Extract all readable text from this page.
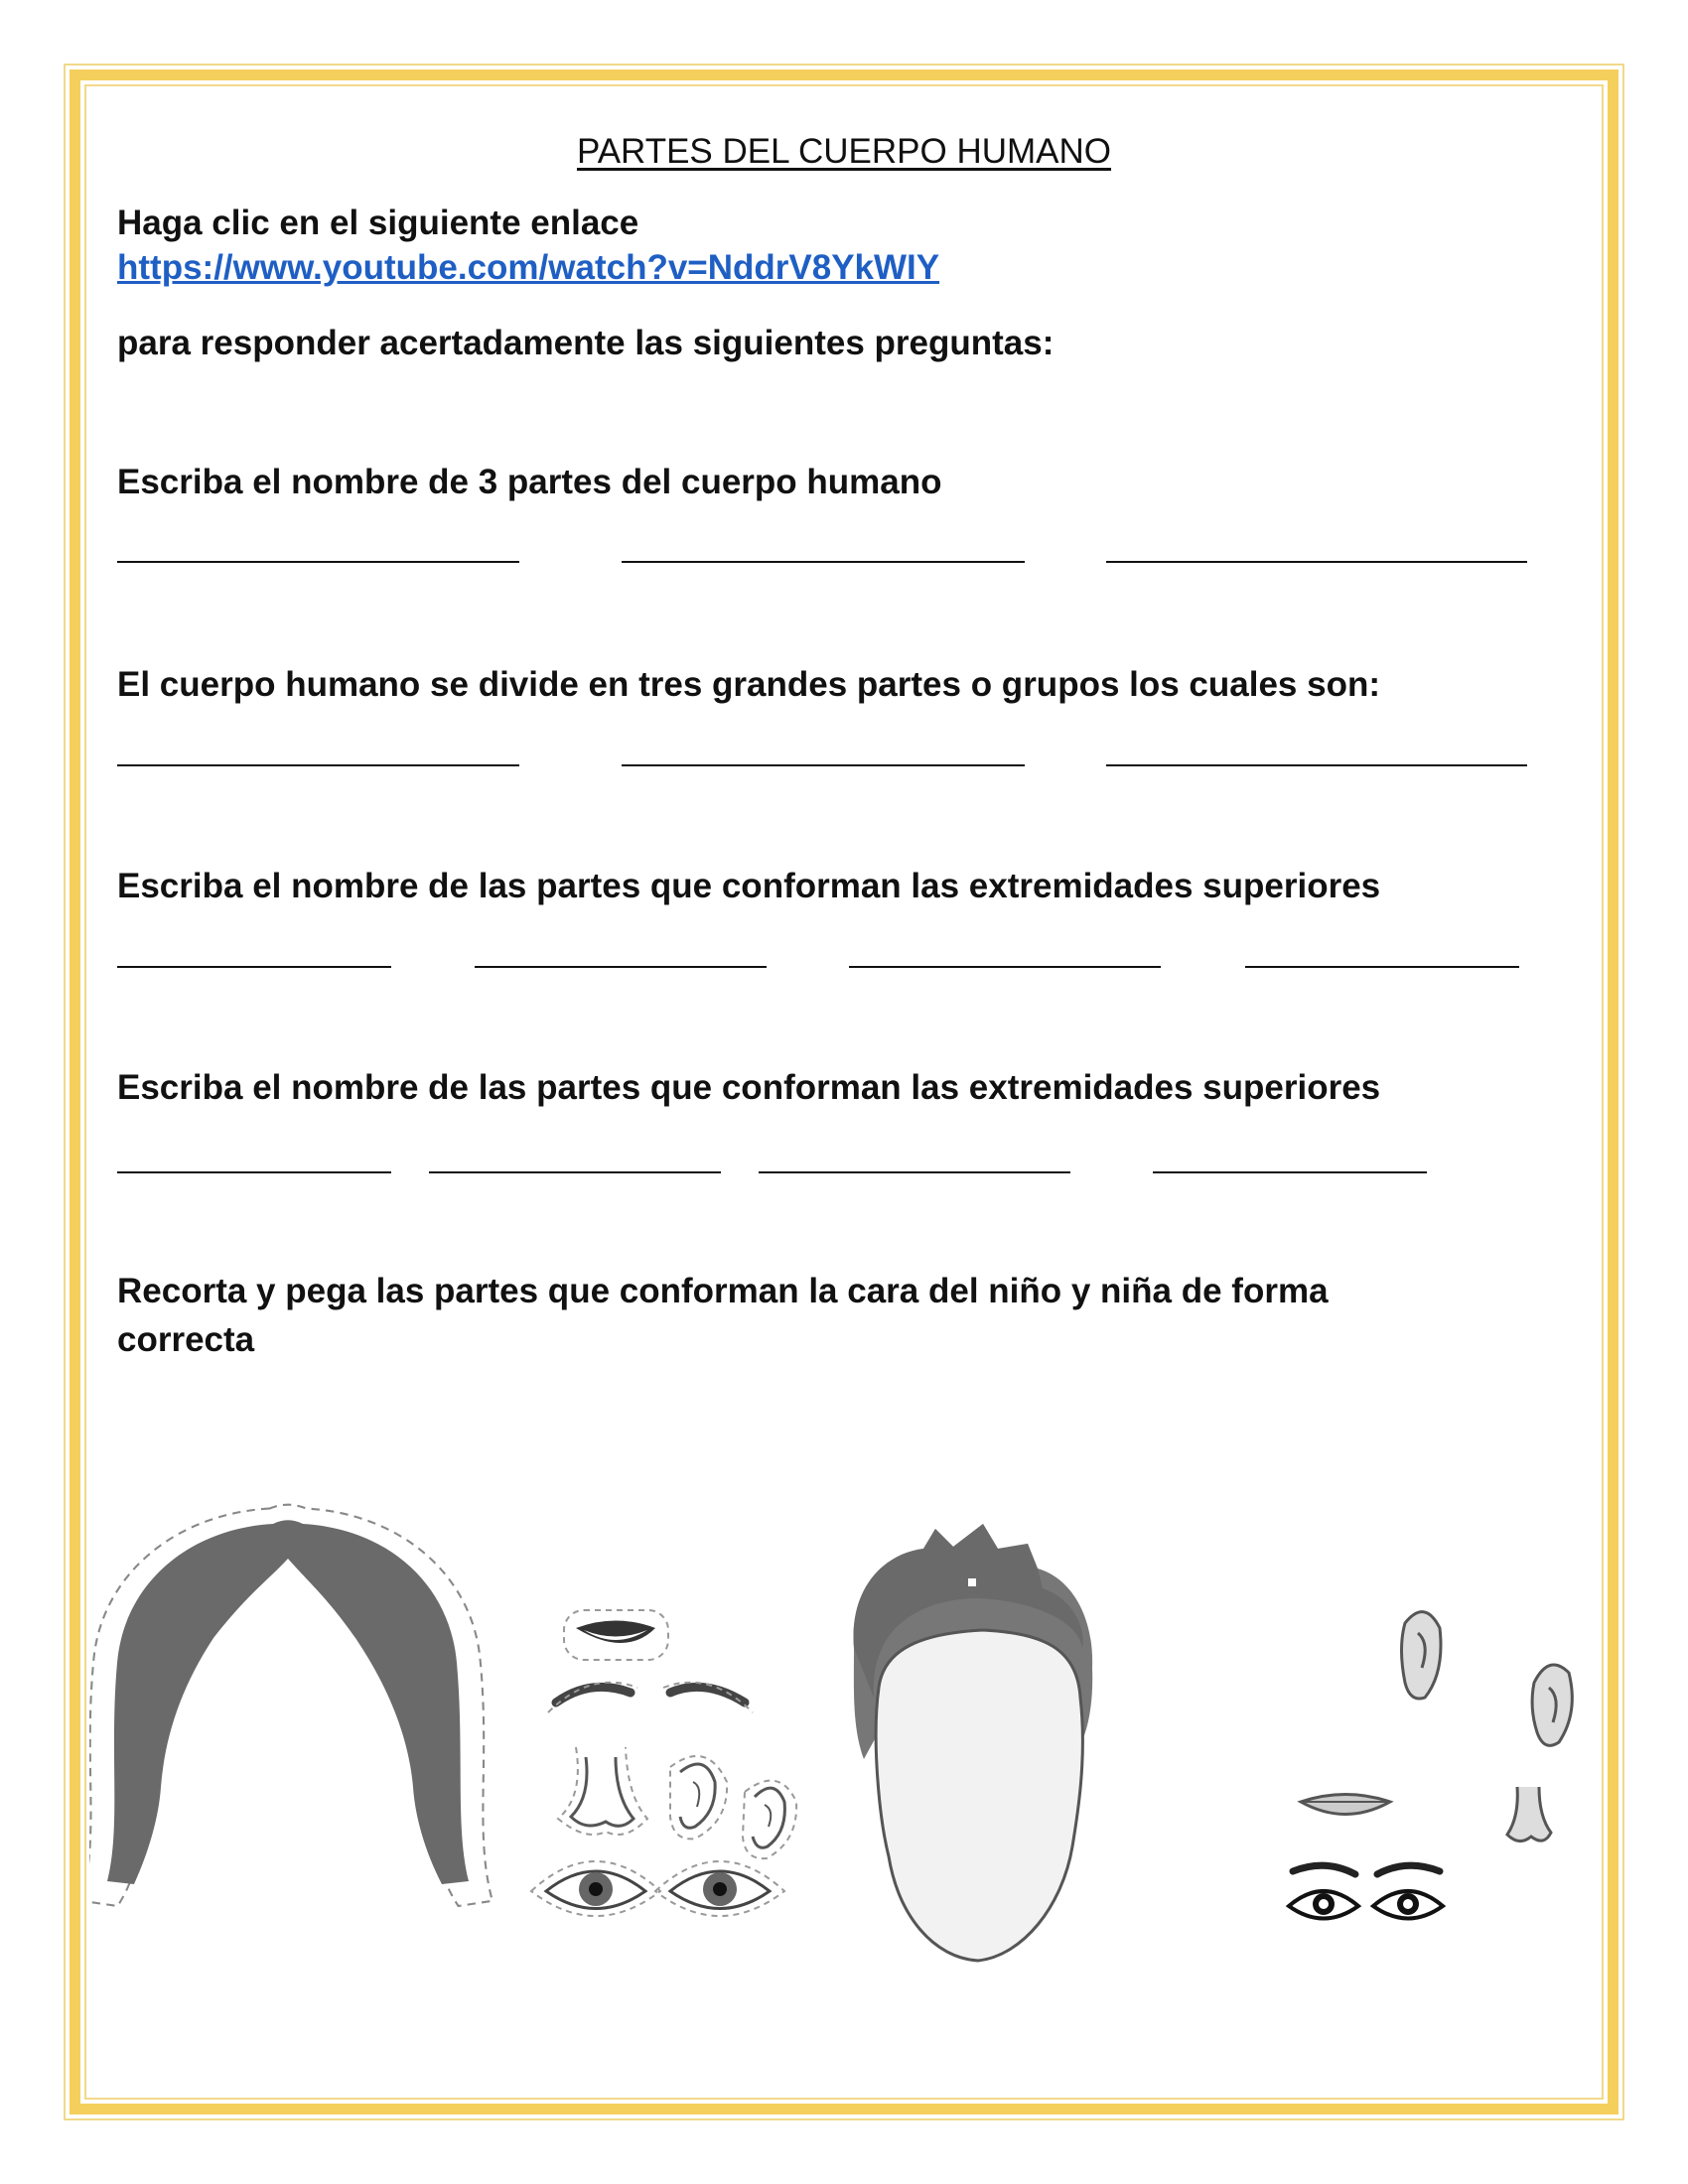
PARTES DEL CUERPO HUMANO
Haga clic en el siguiente enlace
https://www.youtube.com/watch?v=NddrV8YkWIY
para responder acertadamente las siguientes preguntas:
Escriba el nombre de 3 partes del cuerpo humano
El cuerpo humano se divide en tres grandes partes o grupos los cuales son:
Escriba el nombre de las partes que conforman las extremidades superiores
Escriba el nombre de las partes que conforman las extremidades superiores
Recorta y pega las partes que conforman la cara del niño y niña de forma
correcta
